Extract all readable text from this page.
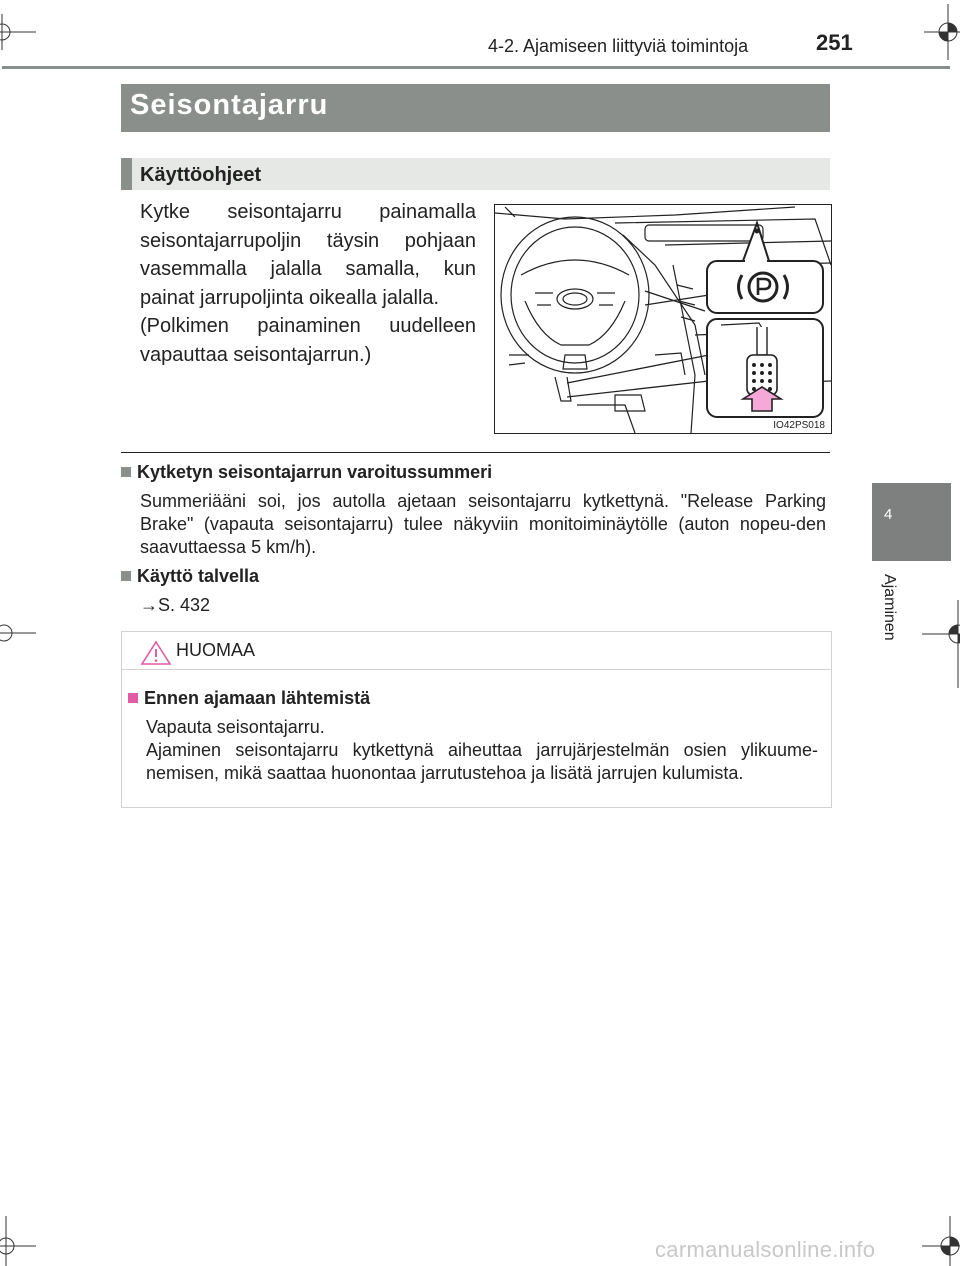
4-2. Ajamiseen liittyviä toimintoja	251
4
Ajaminen
Seisontajarru
Käyttöohjeet

Kytke seisontajarru painamalla seisontajarrupoljin täysin pohjaan vasemmalla jalalla samalla, kun painat jarrupoljinta oikealla jalalla.

(Polkimen painaminen uudelleen vapauttaa seisontajarrun.)

IO42PS018
Kytketyn seisontajarrun varoitussummeri
Summeriääni soi, jos autolla ajetaan seisontajarru kytkettynä. "Release Parking Brake" (vapauta seisontajarru) tulee näkyviin monitoiminäytölle (auton nopeu-den saavuttaessa 5 km/h).
Käyttö talvella
→S. 432
HUOMAA
Ennen ajamaan lähtemistä
Vapauta seisontajarru.
Ajaminen seisontajarru kytkettynä aiheuttaa jarrujärjestelmän osien ylikuume-nemisen, mikä saattaa huonontaa jarrutustehoa ja lisätä jarrujen kulumista.
carmanualsonline.info
